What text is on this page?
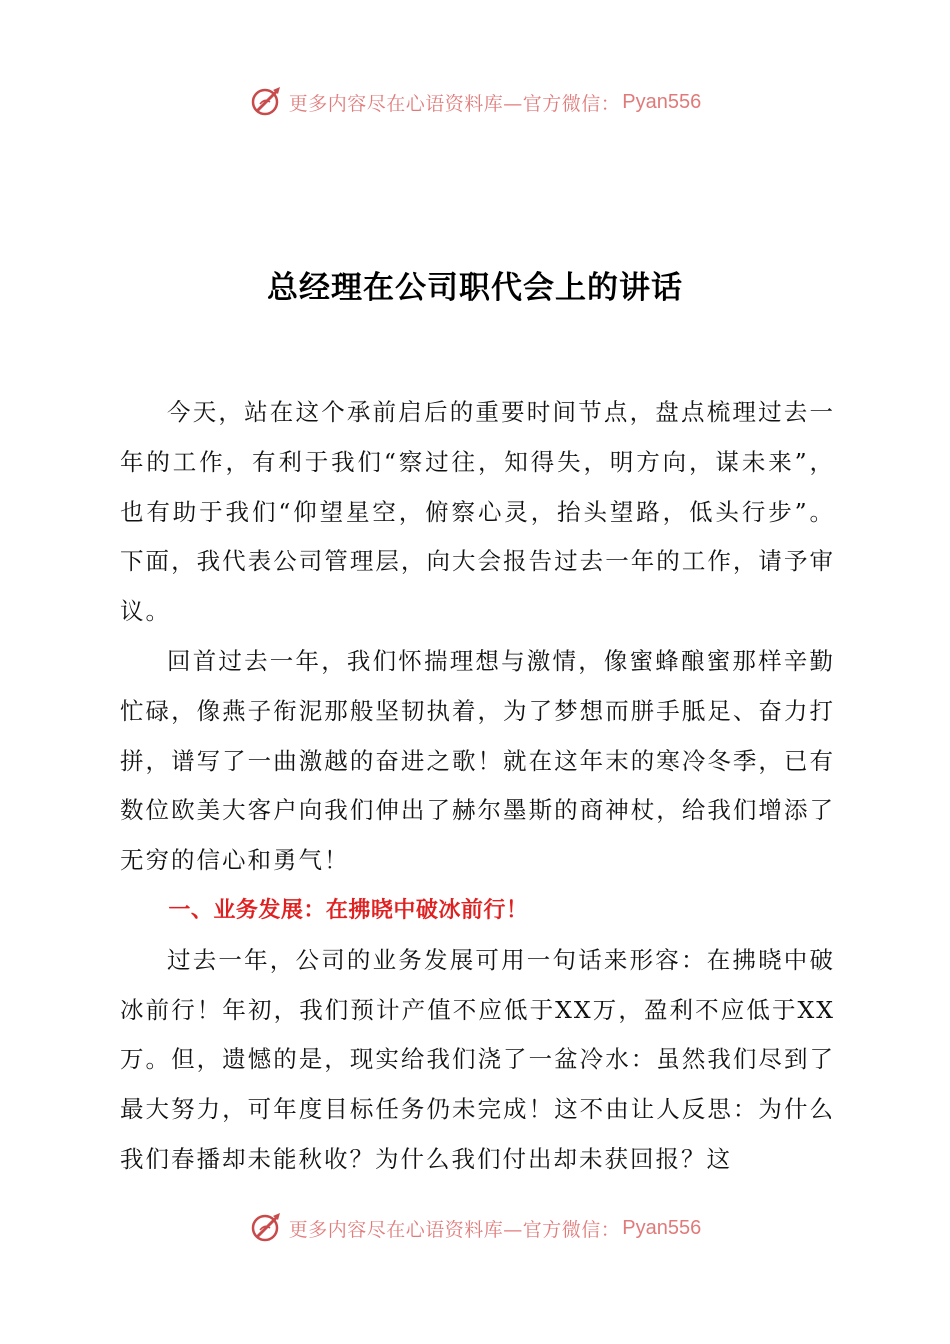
更多内容尽在心语资料库—官方微信： Pyan556
总经理在公司职代会上的讲话

今天，站在这个承前启后的重要时间节点，盘点梳理过去一年的工作，有利于我们“察过往，知得失，明方向，谋未来”，也有助于我们“仰望星空，俯察心灵，抬头望路，低头行步”。下面，我代表公司管理层，向大会报告过去一年的工作，请予审议。

回首过去一年，我们怀揣理想与激情，像蜜蜂酿蜜那样辛勤忙碌，像燕子衔泥那般坚韧执着，为了梦想而胼手胝足、奋力打拼，谱写了一曲激越的奋进之歌！就在这年末的寒冷冬季，已有数位欧美大客户向我们伸出了赫尔墨斯的商神杖，给我们增添了无穷的信心和勇气！

一、业务发展：在拂晓中破冰前行！

过去一年，公司的业务发展可用一句话来形容：在拂晓中破冰前行！年初，我们预计产值不应低于XX万，盈利不应低于XX万。但，遗憾的是，现实给我们浇了一盆冷水：虽然我们尽到了最大努力，可年度目标任务仍未完成！这不由让人反思：为什么我们春播却未能秋收？为什么我们付出却未获回报？这

更多内容尽在心语资料库—官方微信： Pyan556
